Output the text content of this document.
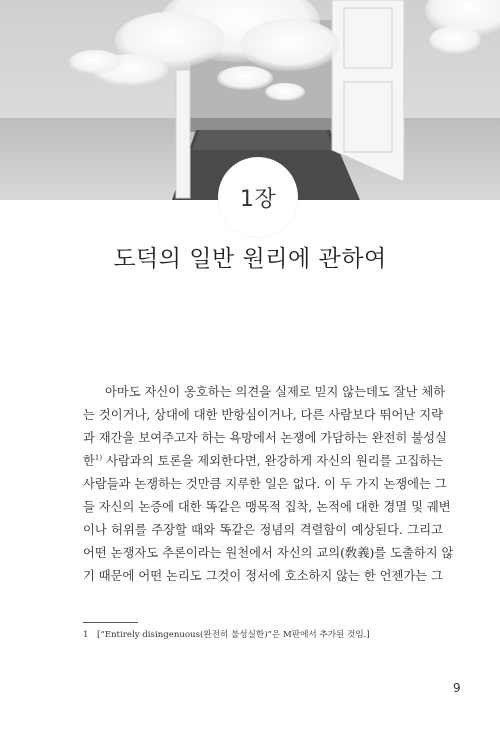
1장
도덕의 일반 원리에 관하여
아마도 자신이 옹호하는 의견을 실제로 믿지 않는데도 잘난 체하
는 것이거나, 상대에 대한 반항심이거나, 다른 사람보다 뛰어난 지략
과 재간을 보여주고자 하는 욕망에서 논쟁에 가담하는 완전히 불성실
한$^{1)}$ 사람과의 토론을 제외한다면, 완강하게 자신의 원리를 고집하는
사람들과 논쟁하는 것만큼 지루한 일은 없다. 이 두 가지 논쟁에는 그
들 자신의 논증에 대한 똑같은 맹목적 집착, 논적에 대한 경멸 및 궤변
이나 허위를 주장할 때와 똑같은 정념의 격렬함이 예상된다. 그리고
어떤 논쟁자도 추론이라는 원천에서 자신의 교의(敎義)를 도출하지 않
기 때문에 어떤 논리도 그것이 정서에 호소하지 않는 한 언젠가는 그
1 [“Entirely disingenuous(완전히 불성실한)”은 M판에서 추가된 것임.]
9
